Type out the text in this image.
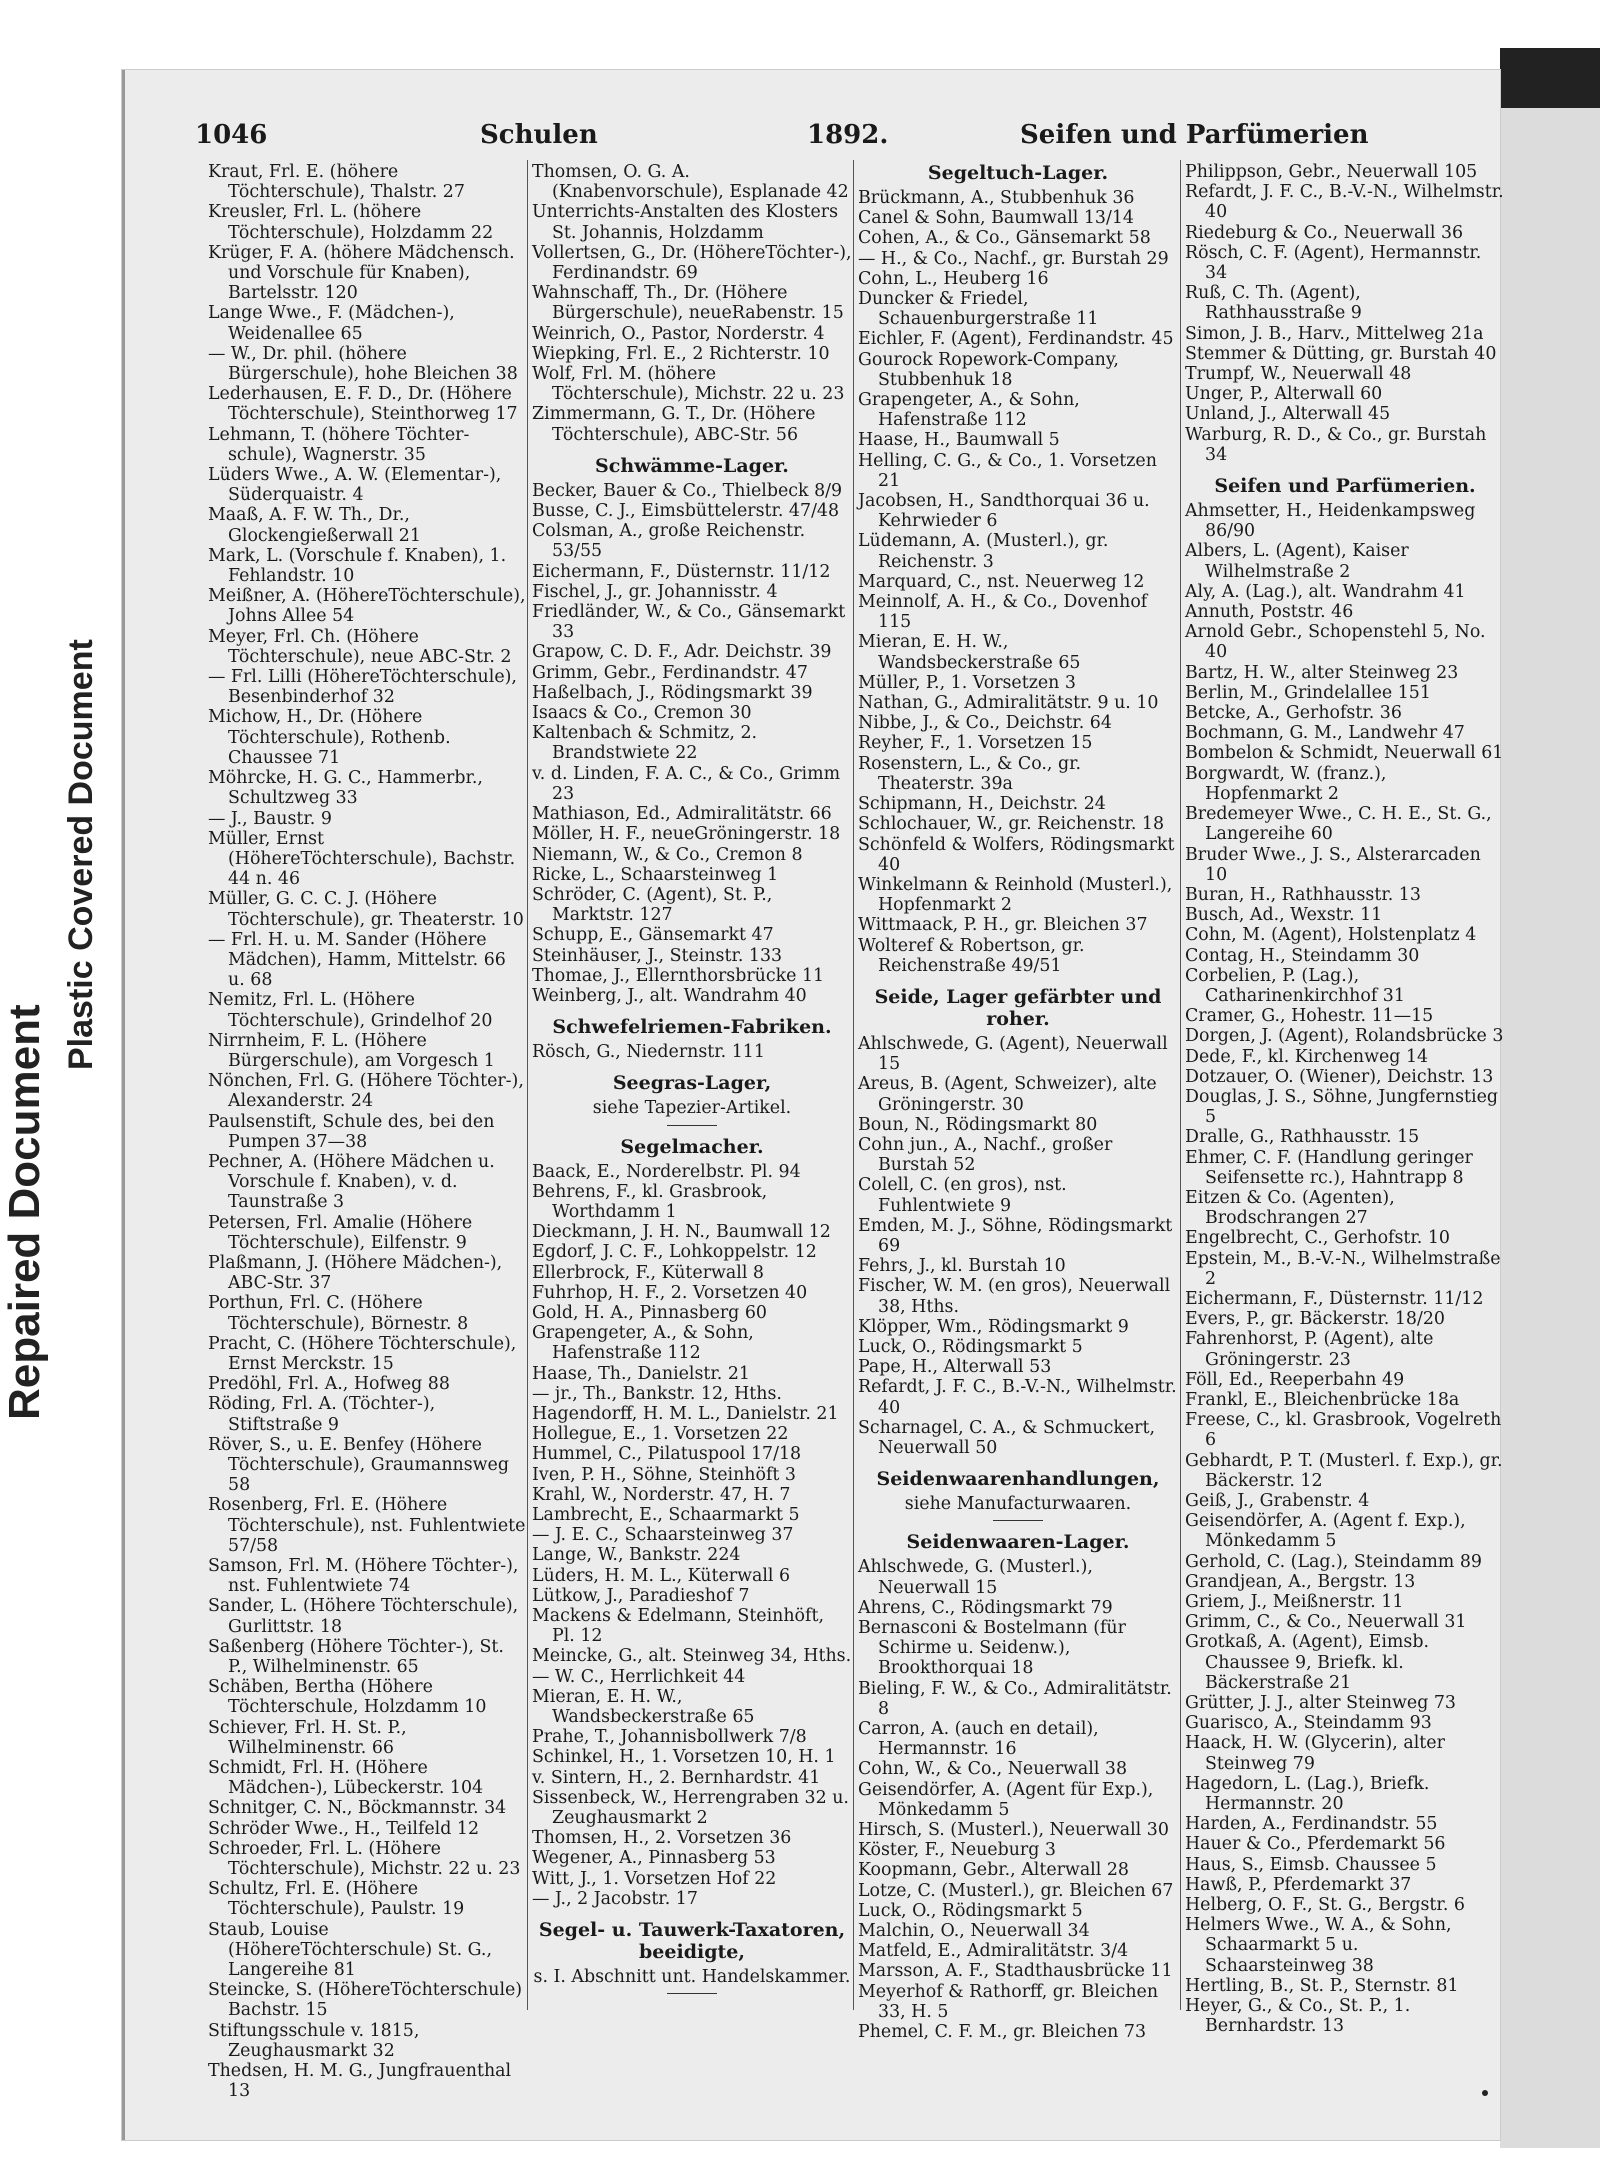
Repaired Document
Plastic Covered Document
1046	Schulen	1892.	Seifen und Parfümerien

Kraut, Frl. E. (höhere Töchterschule), Thalstr. 27

Kreusler, Frl. L. (höhere Töchterschule), Holzdamm 22

Krüger, F. A. (höhere Mädchensch. und Vorschule für Knaben), Bartelsstr. 120

Lange Wwe., F. (Mädchen-), Weidenallee 65

— W., Dr. phil. (höhere Bürgerschule), hohe Bleichen 38

Lederhausen, E. F. D., Dr. (Höhere Töchterschule), Steinthorweg 17

Lehmann, T. (höhere Töchter-schule), Wagnerstr. 35

Lüders Wwe., A. W. (Elementar-), Süderquaistr. 4

Maaß, A. F. W. Th., Dr., Glockengießerwall 21

Mark, L. (Vorschule f. Knaben), 1. Fehlandstr. 10

Meißner, A. (HöhereTöchterschule), Johns Allee 54

Meyer, Frl. Ch. (Höhere Töchterschule), neue ABC-Str. 2

— Frl. Lilli (HöhereTöchterschule), Besenbinderhof 32

Michow, H., Dr. (Höhere Töchterschule), Rothenb. Chaussee 71

Möhrcke, H. G. C., Hammerbr., Schultzweg 33

— J., Baustr. 9

Müller, Ernst (HöhereTöchterschule), Bachstr. 44 n. 46

Müller, G. C. C. J. (Höhere Töchterschule), gr. Theaterstr. 10

— Frl. H. u. M. Sander (Höhere Mädchen), Hamm, Mittelstr. 66 u. 68

Nemitz, Frl. L. (Höhere Töchterschule), Grindelhof 20

Nirrnheim, F. L. (Höhere Bürgerschule), am Vorgesch 1

Nönchen, Frl. G. (Höhere Töchter-), Alexanderstr. 24

Paulsenstift, Schule des, bei den Pumpen 37—38

Pechner, A. (Höhere Mädchen u. Vorschule f. Knaben), v. d. Taunstraße 3

Petersen, Frl. Amalie (Höhere Töchterschule), Eilfenstr. 9

Plaßmann, J. (Höhere Mädchen-), ABC-Str. 37

Porthun, Frl. C. (Höhere Töchterschule), Börnestr. 8

Pracht, C. (Höhere Töchterschule), Ernst Merckstr. 15

Predöhl, Frl. A., Hofweg 88

Röding, Frl. A. (Töchter-), Stiftstraße 9

Röver, S., u. E. Benfey (Höhere Töchterschule), Graumannsweg 58

Rosenberg, Frl. E. (Höhere Töchterschule), nst. Fuhlentwiete 57/58

Samson, Frl. M. (Höhere Töchter-), nst. Fuhlentwiete 74

Sander, L. (Höhere Töchterschule), Gurlittstr. 18

Saßenberg (Höhere Töchter-), St. P., Wilhelminenstr. 65

Schäben, Bertha (Höhere Töchterschule, Holzdamm 10

Schiever, Frl. H. St. P., Wilhelminenstr. 66

Schmidt, Frl. H. (Höhere Mädchen-), Lübeckerstr. 104

Schnitger, C. N., Böckmannstr. 34

Schröder Wwe., H., Teilfeld 12

Schroeder, Frl. L. (Höhere Töchterschule), Michstr. 22 u. 23

Schultz, Frl. E. (Höhere Töchterschule), Paulstr. 19

Staub, Louise (HöhereTöchterschule) St. G., Langereihe 81

Steincke, S. (HöhereTöchterschule) Bachstr. 15

Stiftungsschule v. 1815, Zeughausmarkt 32

Thedsen, H. M. G., Jungfrauenthal 13

Thomsen, O. G. A. (Knabenvorschule), Esplanade 42

Unterrichts-Anstalten des Klosters St. Johannis, Holzdamm

Vollertsen, G., Dr. (HöhereTöchter-), Ferdinandstr. 69

Wahnschaff, Th., Dr. (Höhere Bürgerschule), neueRabenstr. 15

Weinrich, O., Pastor, Norderstr. 4

Wiepking, Frl. E., 2 Richterstr. 10

Wolf, Frl. M. (höhere Töchterschule), Michstr. 22 u. 23

Zimmermann, G. T., Dr. (Höhere Töchterschule), ABC-Str. 56

Schwämme-Lager.

Becker, Bauer & Co., Thielbeck 8/9

Busse, C. J., Eimsbüttelerstr. 47/48

Colsman, A., große Reichenstr. 53/55

Eichermann, F., Düsternstr. 11/12

Fischel, J., gr. Johannisstr. 4

Friedländer, W., & Co., Gänsemarkt 33

Grapow, C. D. F., Adr. Deichstr. 39

Grimm, Gebr., Ferdinandstr. 47

Haßelbach, J., Rödingsmarkt 39

Isaacs & Co., Cremon 30

Kaltenbach & Schmitz, 2. Brandstwiete 22

v. d. Linden, F. A. C., & Co., Grimm 23

Mathiason, Ed., Admiralitätstr. 66

Möller, H. F., neueGröningerstr. 18

Niemann, W., & Co., Cremon 8

Ricke, L., Schaarsteinweg 1

Schröder, C. (Agent), St. P., Marktstr. 127

Schupp, E., Gänsemarkt 47

Steinhäuser, J., Steinstr. 133

Thomae, J., Ellernthorsbrücke 11

Weinberg, J., alt. Wandrahm 40

Schwefelriemen-Fabriken.

Rösch, G., Niedernstr. 111

Seegras-Lager,
siehe Tapezier-Artikel.
Segelmacher.

Baack, E., Norderelbstr. Pl. 94

Behrens, F., kl. Grasbrook, Worthdamm 1

Dieckmann, J. H. N., Baumwall 12

Egdorf, J. C. F., Lohkoppelstr. 12

Ellerbrock, F., Küterwall 8

Fuhrhop, H. F., 2. Vorsetzen 40

Gold, H. A., Pinnasberg 60

Grapengeter, A., & Sohn, Hafenstraße 112

Haase, Th., Danielstr. 21

— jr., Th., Bankstr. 12, Hths.

Hagendorff, H. M. L., Danielstr. 21

Hollegue, E., 1. Vorsetzen 22

Hummel, C., Pilatuspool 17/18

Iven, P. H., Söhne, Steinhöft 3

Krahl, W., Norderstr. 47, H. 7

Lambrecht, E., Schaarmarkt 5

— J. E. C., Schaarsteinweg 37

Lange, W., Bankstr. 224

Lüders, H. M. L., Küterwall 6

Lütkow, J., Paradieshof 7

Mackens & Edelmann, Steinhöft, Pl. 12

Meincke, G., alt. Steinweg 34, Hths.

— W. C., Herrlichkeit 44

Mieran, E. H. W., Wandsbeckerstraße 65

Prahe, T., Johannisbollwerk 7/8

Schinkel, H., 1. Vorsetzen 10, H. 1

v. Sintern, H., 2. Bernhardstr. 41

Sissenbeck, W., Herrengraben 32 u. Zeughausmarkt 2

Thomsen, H., 2. Vorsetzen 36

Wegener, A., Pinnasberg 53

Witt, J., 1. Vorsetzen Hof 22

— J., 2 Jacobstr. 17

Segel- u. Tauwerk-Taxatoren, beeidigte,
s. I. Abschnitt unt. Handelskammer.
Segeltuch-Lager.

Brückmann, A., Stubbenhuk 36

Canel & Sohn, Baumwall 13/14

Cohen, A., & Co., Gänsemarkt 58

— H., & Co., Nachf., gr. Burstah 29

Cohn, L., Heuberg 16

Duncker & Friedel, Schauenburgerstraße 11

Eichler, F. (Agent), Ferdinandstr. 45

Gourock Ropework-Company, Stubbenhuk 18

Grapengeter, A., & Sohn, Hafenstraße 112

Haase, H., Baumwall 5

Helling, C. G., & Co., 1. Vorsetzen 21

Jacobsen, H., Sandthorquai 36 u. Kehrwieder 6

Lüdemann, A. (Musterl.), gr. Reichenstr. 3

Marquard, C., nst. Neuerweg 12

Meinnolf, A. H., & Co., Dovenhof 115

Mieran, E. H. W., Wandsbeckerstraße 65

Müller, P., 1. Vorsetzen 3

Nathan, G., Admiralitätstr. 9 u. 10

Nibbe, J., & Co., Deichstr. 64

Reyher, F., 1. Vorsetzen 15

Rosenstern, L., & Co., gr. Theaterstr. 39a

Schipmann, H., Deichstr. 24

Schlochauer, W., gr. Reichenstr. 18

Schönfeld & Wolfers, Rödingsmarkt 40

Winkelmann & Reinhold (Musterl.), Hopfenmarkt 2

Wittmaack, P. H., gr. Bleichen 37

Wolteref & Robertson, gr. Reichenstraße 49/51

Seide, Lager gefärbter und roher.

Ahlschwede, G. (Agent), Neuerwall 15

Areus, B. (Agent, Schweizer), alte Gröningerstr. 30

Boun, N., Rödingsmarkt 80

Cohn jun., A., Nachf., großer Burstah 52

Colell, C. (en gros), nst. Fuhlentwiete 9

Emden, M. J., Söhne, Rödingsmarkt 69

Fehrs, J., kl. Burstah 10

Fischer, W. M. (en gros), Neuerwall 38, Hths.

Klöpper, Wm., Rödingsmarkt 9

Luck, O., Rödingsmarkt 5

Pape, H., Alterwall 53

Refardt, J. F. C., B.-V.-N., Wilhelmstr. 40

Scharnagel, C. A., & Schmuckert, Neuerwall 50

Seidenwaarenhandlungen,
siehe Manufacturwaaren.
Seidenwaaren-Lager.

Ahlschwede, G. (Musterl.), Neuerwall 15

Ahrens, C., Rödingsmarkt 79

Bernasconi & Bostelmann (für Schirme u. Seidenw.), Brookthorquai 18

Bieling, F. W., & Co., Admiralitätstr. 8

Carron, A. (auch en detail), Hermannstr. 16

Cohn, W., & Co., Neuerwall 38

Geisendörfer, A. (Agent für Exp.), Mönkedamm 5

Hirsch, S. (Musterl.), Neuerwall 30

Köster, F., Neueburg 3

Koopmann, Gebr., Alterwall 28

Lotze, C. (Musterl.), gr. Bleichen 67

Luck, O., Rödingsmarkt 5

Malchin, O., Neuerwall 34

Matfeld, E., Admiralitätstr. 3/4

Marsson, A. F., Stadthausbrücke 11

Meyerhof & Rathorff, gr. Bleichen 33, H. 5

Phemel, C. F. M., gr. Bleichen 73

Philippson, Gebr., Neuerwall 105

Refardt, J. F. C., B.-V.-N., Wilhelmstr. 40

Riedeburg & Co., Neuerwall 36

Rösch, C. F. (Agent), Hermannstr. 34

Ruß, C. Th. (Agent), Rathhausstraße 9

Simon, J. B., Harv., Mittelweg 21a

Stemmer & Dütting, gr. Burstah 40

Trumpf, W., Neuerwall 48

Unger, P., Alterwall 60

Unland, J., Alterwall 45

Warburg, R. D., & Co., gr. Burstah 34

Seifen und Parfümerien.

Ahmsetter, H., Heidenkampsweg 86/90

Albers, L. (Agent), Kaiser Wilhelmstraße 2

Aly, A. (Lag.), alt. Wandrahm 41

Annuth, Poststr. 46

Arnold Gebr., Schopenstehl 5, No. 40

Bartz, H. W., alter Steinweg 23

Berlin, M., Grindelallee 151

Betcke, A., Gerhofstr. 36

Bochmann, G. M., Landwehr 47

Bombelon & Schmidt, Neuerwall 61

Borgwardt, W. (franz.), Hopfenmarkt 2

Bredemeyer Wwe., C. H. E., St. G., Langereihe 60

Bruder Wwe., J. S., Alsterarcaden 10

Buran, H., Rathhausstr. 13

Busch, Ad., Wexstr. 11

Cohn, M. (Agent), Holstenplatz 4

Contag, H., Steindamm 30

Corbelien, P. (Lag.), Catharinenkirchhof 31

Cramer, G., Hohestr. 11—15

Dorgen, J. (Agent), Rolandsbrücke 3

Dede, F., kl. Kirchenweg 14

Dotzauer, O. (Wiener), Deichstr. 13

Douglas, J. S., Söhne, Jungfernstieg 5

Dralle, G., Rathhausstr. 15

Ehmer, C. F. (Handlung geringer Seifensette rc.), Hahntrapp 8

Eitzen & Co. (Agenten), Brodschrangen 27

Engelbrecht, C., Gerhofstr. 10

Epstein, M., B.-V.-N., Wilhelmstraße 2

Eichermann, F., Düsternstr. 11/12

Evers, P., gr. Bäckerstr. 18/20

Fahrenhorst, P. (Agent), alte Gröningerstr. 23

Föll, Ed., Reeperbahn 49

Frankl, E., Bleichenbrücke 18a

Freese, C., kl. Grasbrook, Vogelreth 6

Gebhardt, P. T. (Musterl. f. Exp.), gr. Bäckerstr. 12

Geiß, J., Grabenstr. 4

Geisendörfer, A. (Agent f. Exp.), Mönkedamm 5

Gerhold, C. (Lag.), Steindamm 89

Grandjean, A., Bergstr. 13

Griem, J., Meißnerstr. 11

Grimm, C., & Co., Neuerwall 31

Grotkaß, A. (Agent), Eimsb. Chaussee 9, Briefk. kl. Bäckerstraße 21

Grütter, J. J., alter Steinweg 73

Guarisco, A., Steindamm 93

Haack, H. W. (Glycerin), alter Steinweg 79

Hagedorn, L. (Lag.), Briefk. Hermannstr. 20

Harden, A., Ferdinandstr. 55

Hauer & Co., Pferdemarkt 56

Haus, S., Eimsb. Chaussee 5

Hawß, P., Pferdemarkt 37

Helberg, O. F., St. G., Bergstr. 6

Helmers Wwe., W. A., & Sohn, Schaarmarkt 5 u. Schaarsteinweg 38

Hertling, B., St. P., Sternstr. 81

Heyer, G., & Co., St. P., 1. Bernhardstr. 13
